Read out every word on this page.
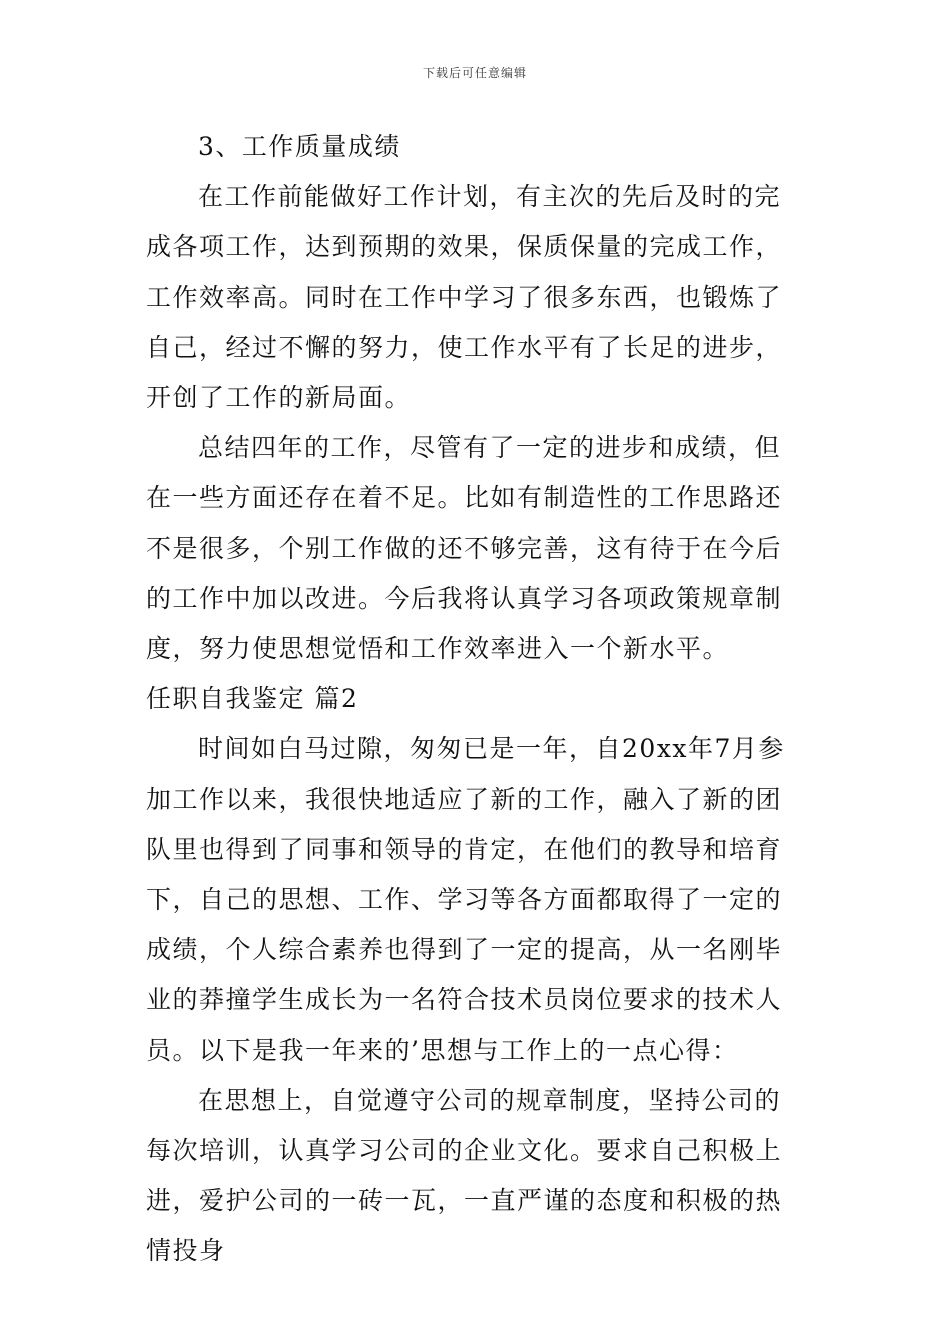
下载后可任意编辑

3、工作质量成绩

在工作前能做好工作计划，有主次的先后及时的完成各项工作，达到预期的效果，保质保量的完成工作，工作效率高。同时在工作中学习了很多东西，也锻炼了自己，经过不懈的努力，使工作水平有了长足的进步，开创了工作的新局面。

总结四年的工作，尽管有了一定的进步和成绩，但在一些方面还存在着不足。比如有制造性的工作思路还不是很多，个别工作做的还不够完善，这有待于在今后的工作中加以改进。今后我将认真学习各项政策规章制度，努力使思想觉悟和工作效率进入一个新水平。

任职自我鉴定 篇2

时间如白马过隙，匆匆已是一年，自20xx年7月参加工作以来，我很快地适应了新的工作，融入了新的团队里也得到了同事和领导的肯定，在他们的教导和培育下，自己的思想、工作、学习等各方面都取得了一定的成绩，个人综合素养也得到了一定的提高，从一名刚毕业的莽撞学生成长为一名符合技术员岗位要求的技术人员。以下是我一年来的’思想与工作上的一点心得：

在思想上，自觉遵守公司的规章制度，坚持公司的每次培训，认真学习公司的企业文化。要求自己积极上进，爱护公司的一砖一瓦，一直严谨的态度和积极的热情投身
